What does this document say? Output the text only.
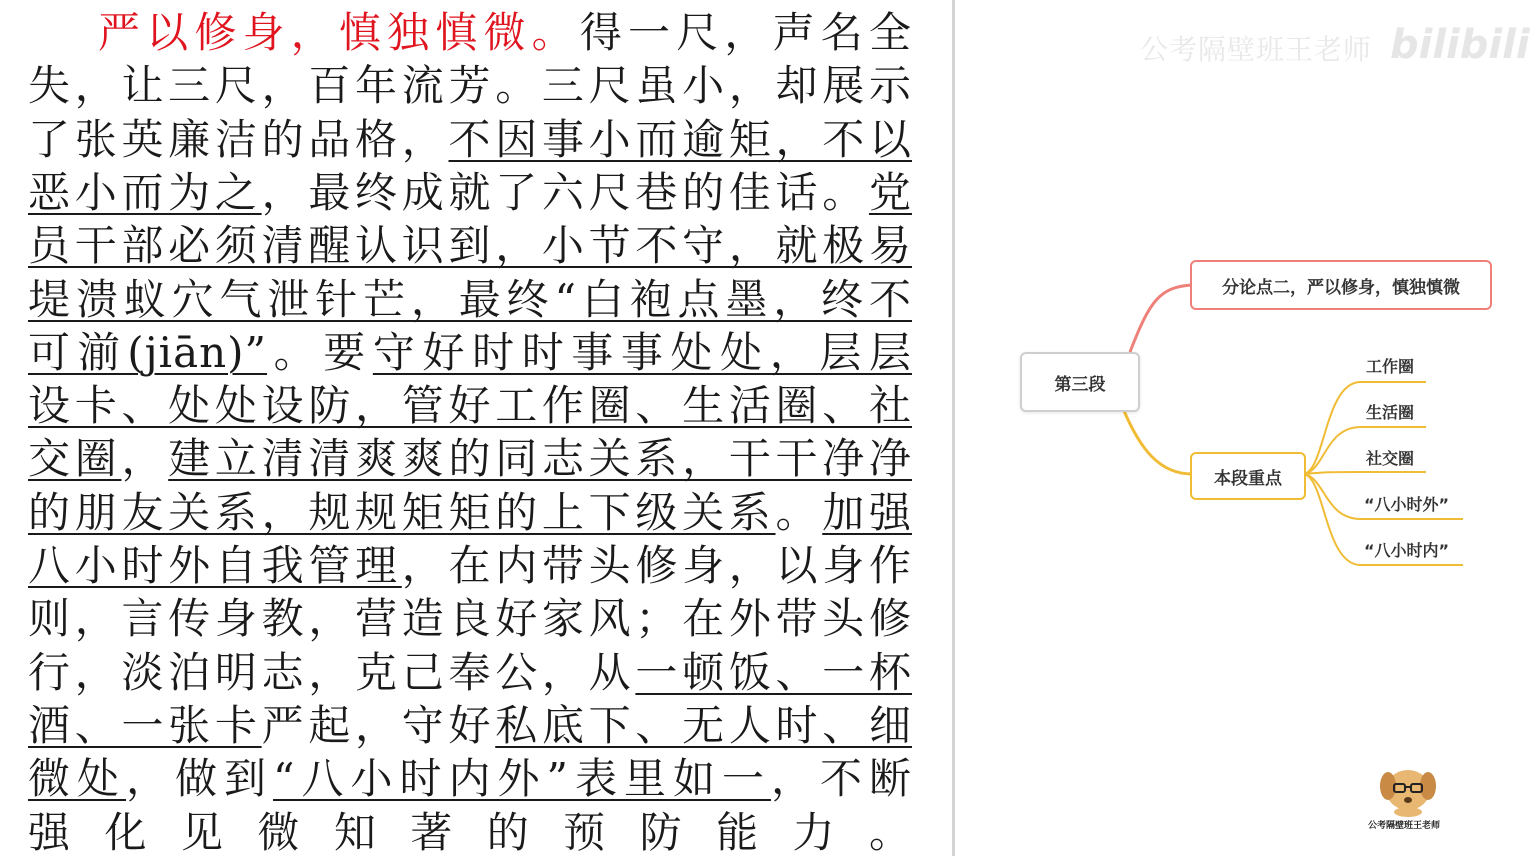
严以修身，慎独慎微。得一尺，声名全
失，让三尺，百年流芳。三尺虽小，却展示
了张英廉洁的品格，不因事小而逾矩，不以
恶小而为之，最终成就了六尺巷的佳话。党
员干部必须清醒认识到，小节不守，就极易
堤溃蚁穴气泄针芒，最终“白袍点墨，终不
可湔(jiān)”。要守好时时事事处处，层层
设卡、处处设防，管好工作圈、生活圈、社
交圈，建立清清爽爽的同志关系，干干净净
的朋友关系，规规矩矩的上下级关系。加强
八小时外自我管理，在内带头修身，以身作
则，言传身教，营造良好家风；在外带头修
行，淡泊明志，克己奉公，从一顿饭、一杯
酒、一张卡严起，守好私底下、无人时、细
微处，做到“八小时内外”表里如一，不断
强化见微知著的预防能力。
公考隔壁班王老师 bilibili
第三段
分论点二，严以修身，慎独慎微
本段重点
工作圈
生活圈
社交圈
“八小时外”
“八小时内”
公考隔壁班王老师
